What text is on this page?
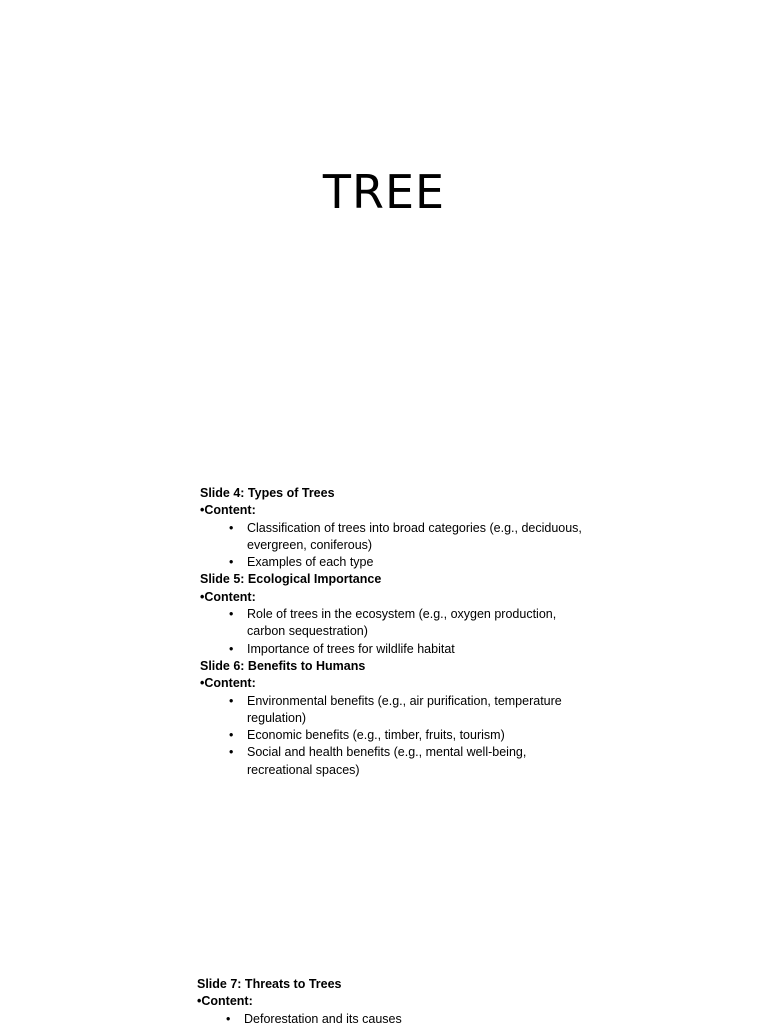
TREE
Slide 4: Types of Trees
•Content:
• Classification of trees into broad categories (e.g., deciduous, evergreen, coniferous)
• Examples of each type
Slide 5: Ecological Importance
•Content:
• Role of trees in the ecosystem (e.g., oxygen production, carbon sequestration)
• Importance of trees for wildlife habitat
Slide 6: Benefits to Humans
•Content:
• Environmental benefits (e.g., air purification, temperature regulation)
• Economic benefits (e.g., timber, fruits, tourism)
• Social and health benefits (e.g., mental well-being, recreational spaces)
Slide 7: Threats to Trees
•Content:
• Deforestation and its causes
